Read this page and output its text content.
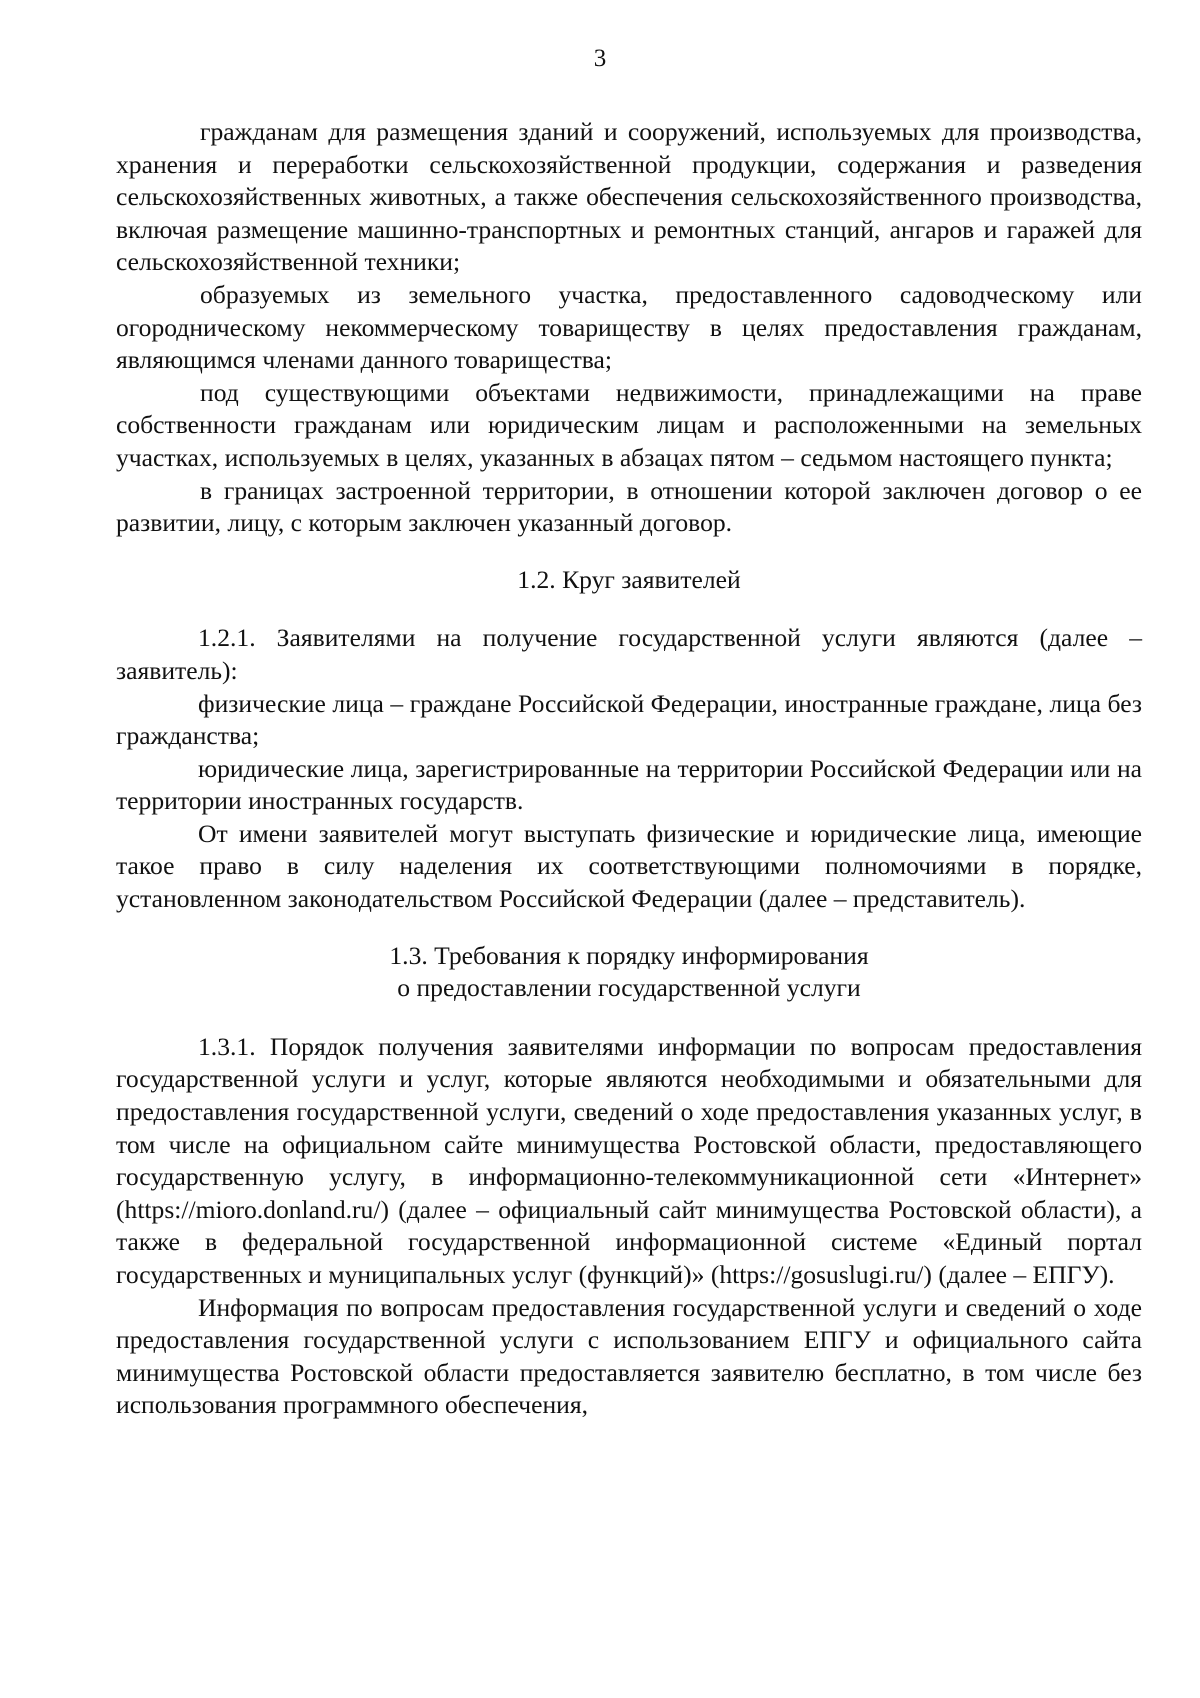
3

гражданам для размещения зданий и сооружений, используемых для производства, хранения и переработки сельскохозяйственной продукции, содержания и разведения сельскохозяйственных животных, а также обеспечения сельскохозяйственного производства, включая размещение машинно-транспортных и ремонтных станций, ангаров и гаражей для сельскохозяйственной техники;

образуемых из земельного участка, предоставленного садоводческому или огородническому некоммерческому товариществу в целях предоставления гражданам, являющимся членами данного товарищества;

под существующими объектами недвижимости, принадлежащими на праве собственности гражданам или юридическим лицам и расположенными на земельных участках, используемых в целях, указанных в абзацах пятом – седьмом настоящего пункта;

в границах застроенной территории, в отношении которой заключен договор о ее развитии, лицу, с которым заключен указанный договор.

1.2. Круг заявителей

1.2.1. Заявителями на получение государственной услуги являются (далее – заявитель):

физические лица – граждане Российской Федерации, иностранные граждане, лица без гражданства;

юридические лица, зарегистрированные на территории Российской Федерации или на территории иностранных государств.

От имени заявителей могут выступать физические и юридические лица, имеющие такое право в силу наделения их соответствующими полномочиями в порядке, установленном законодательством Российской Федерации (далее – представитель).

1.3. Требования к порядку информирования
о предоставлении государственной услуги

1.3.1. Порядок получения заявителями информации по вопросам предоставления государственной услуги и услуг, которые являются необходимыми и обязательными для предоставления государственной услуги, сведений о ходе предоставления указанных услуг, в том числе на официальном сайте минимущества Ростовской области, предоставляющего государственную услугу, в информационно-телекоммуникационной сети «Интернет» (https://mioro.donland.ru/) (далее – официальный сайт минимущества Ростовской области), а также в федеральной государственной информационной системе «Единый портал государственных и муниципальных услуг (функций)» (https://gosuslugi.ru/) (далее – ЕПГУ).

Информация по вопросам предоставления государственной услуги и сведений о ходе предоставления государственной услуги с использованием ЕПГУ и официального сайта минимущества Ростовской области предоставляется заявителю бесплатно, в том числе без использования программного обеспечения,
